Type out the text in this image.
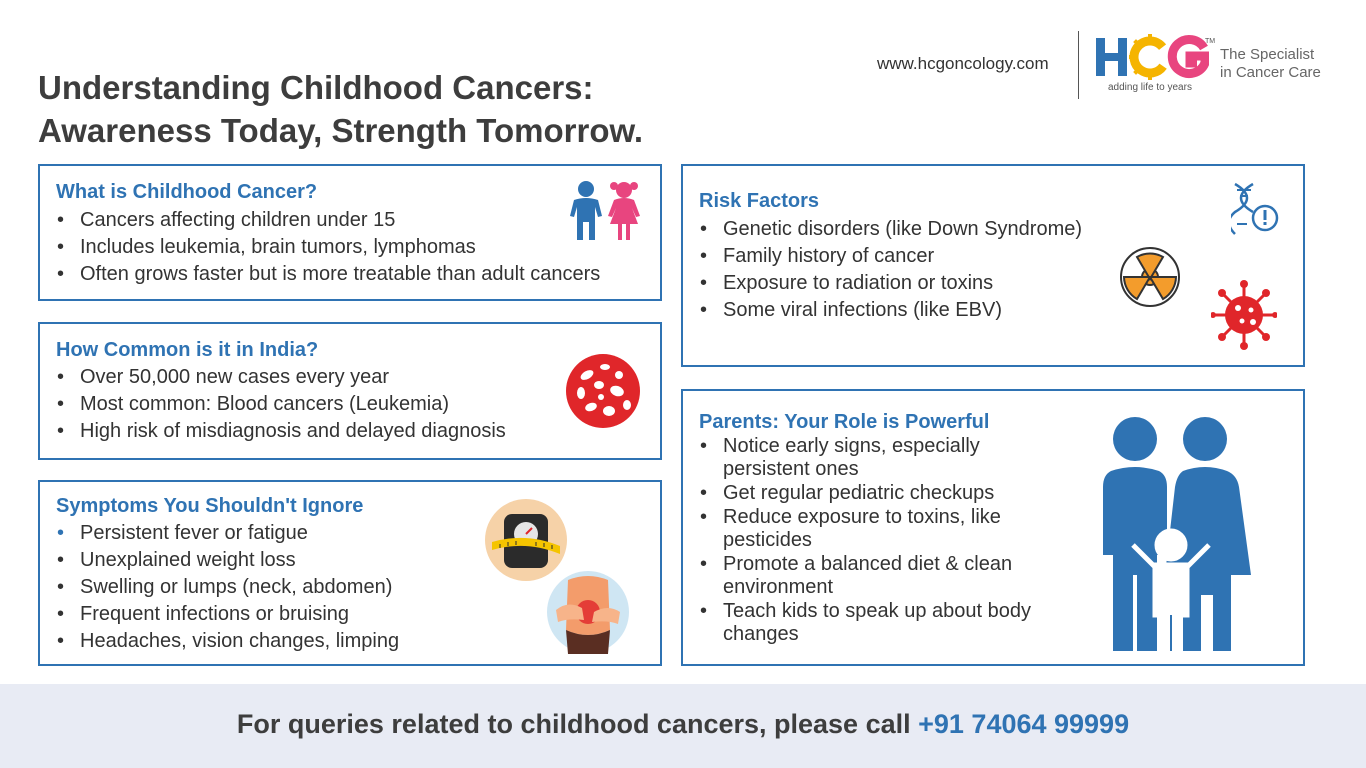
Understanding Childhood Cancers:
Awareness Today, Strength Tomorrow.
www.hcgoncology.com
adding life to years
TM
The Specialist
in Cancer Care
What is Childhood Cancer?
• Cancers affecting children under 15
• Includes leukemia, brain tumors, lymphomas
• Often grows faster but is more treatable than adult cancers
How Common is it in India?
• Over 50,000 new cases every year
• Most common: Blood cancers (Leukemia)
• High risk of misdiagnosis and delayed diagnosis
Symptoms You Shouldn't Ignore
• Persistent fever or fatigue
• Unexplained weight loss
• Swelling or lumps (neck, abdomen)
• Frequent infections or bruising
• Headaches, vision changes, limping
Risk Factors
• Genetic disorders (like Down Syndrome)
• Family history of cancer
• Exposure to radiation or toxins
• Some viral infections (like EBV)
Parents: Your Role is Powerful
• Notice early signs, especially persistent ones
• Get regular pediatric checkups
• Reduce exposure to toxins, like pesticides
• Promote a balanced diet & clean environment
• Teach kids to speak up about body changes
For queries related to childhood cancers, please call +91 74064 99999
